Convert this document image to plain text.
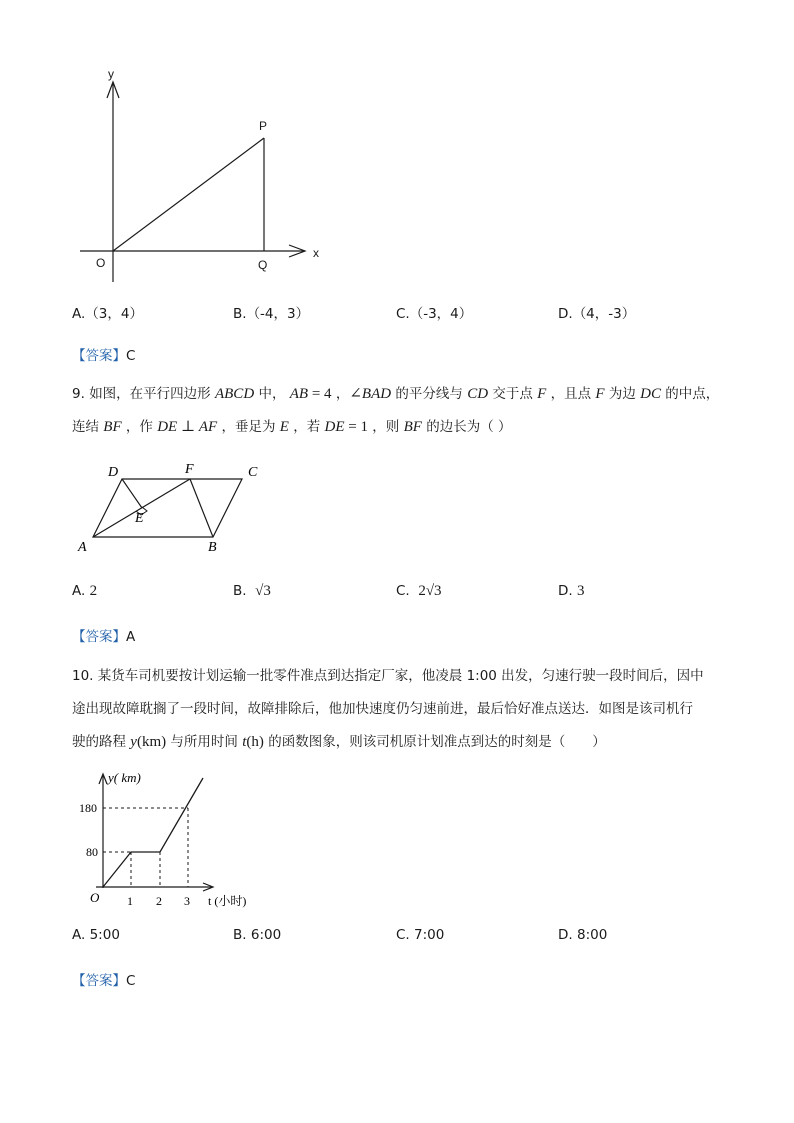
y
x
O
P
Q
A.（3，4）	B.（-4，3）	C.（-3，4）	D.（4，-3）
【答案】C
9. 如图，在平行四边形 ABCD 中， AB = 4 ，∠BAD 的平分线与 CD 交于点 F ，且点 F 为边 DC 的中点，
连结 BF ，作 DE ⊥ AF ，垂足为 E ，若 DE = 1 ，则 BF 的边长为（ ）
A	B
C
D
E
F
A. 2	B. √3	C. 2√3	D. 3
【答案】A
10. 某货车司机要按计划运输一批零件准点到达指定厂家，他凌晨 1:00 出发，匀速行驶一段时间后，因中
途出现故障耽搁了一段时间，故障排除后，他加快速度仍匀速前进，最后恰好准点送达．如图是该司机行
驶的路程 y(km) 与所用时间 t(h) 的函数图象，则该司机原计划准点到达的时刻是（　　）
y( km)
O
80
180
1 2 3 t (小时)
A. 5:00	B. 6:00	C. 7:00	D. 8:00
【答案】C
